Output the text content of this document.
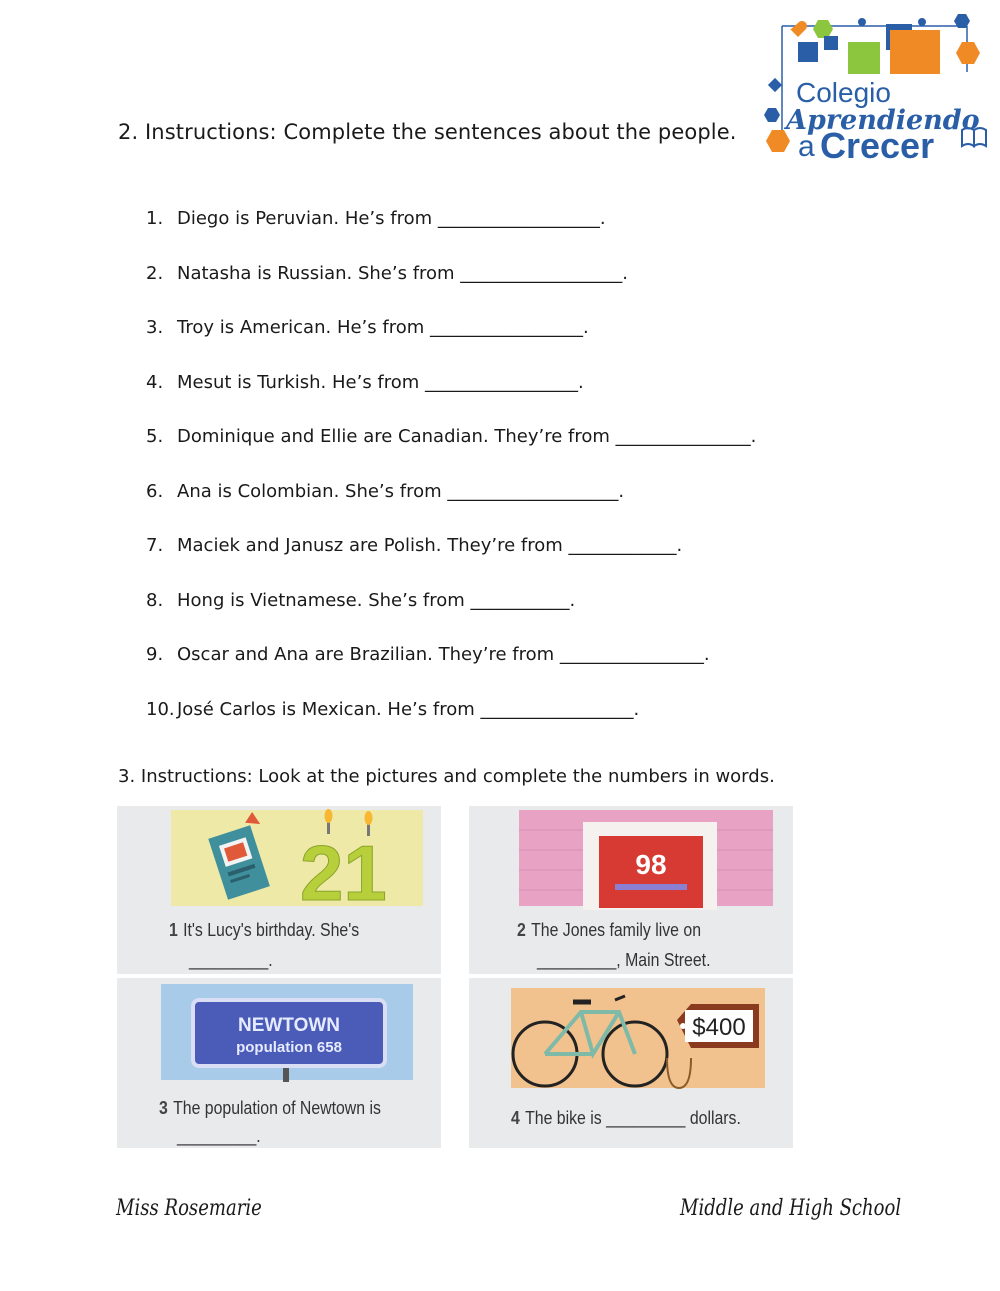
Colegio
Aprendiendo
a Crecer
2. Instructions: Complete the sentences about the people.
1. Diego is Peruvian. He’s from __________________.
2. Natasha is Russian. She’s from __________________.
3. Troy is American. He’s from _________________.
4. Mesut is Turkish. He’s from _________________.
5. Dominique and Ellie are Canadian. They’re from _______________.
6. Ana is Colombian. She’s from ___________________.
7. Maciek and Janusz are Polish. They’re from ____________.
8. Hong is Vietnamese. She’s from ___________.
9. Oscar and Ana are Brazilian. They’re from ________________.
10. José Carlos is Mexican. He’s from _________________.
3. Instructions: Look at the pictures and complete the numbers in words.
21
1 It's Lucy's birthday. She's
_________.
98
2 The Jones family live on
_________, Main Street.
NEWTOWN
population 658
3 The population of Newtown is
_________.
$400
4 The bike is _________ dollars.
Miss Rosemarie	Middle and High School
